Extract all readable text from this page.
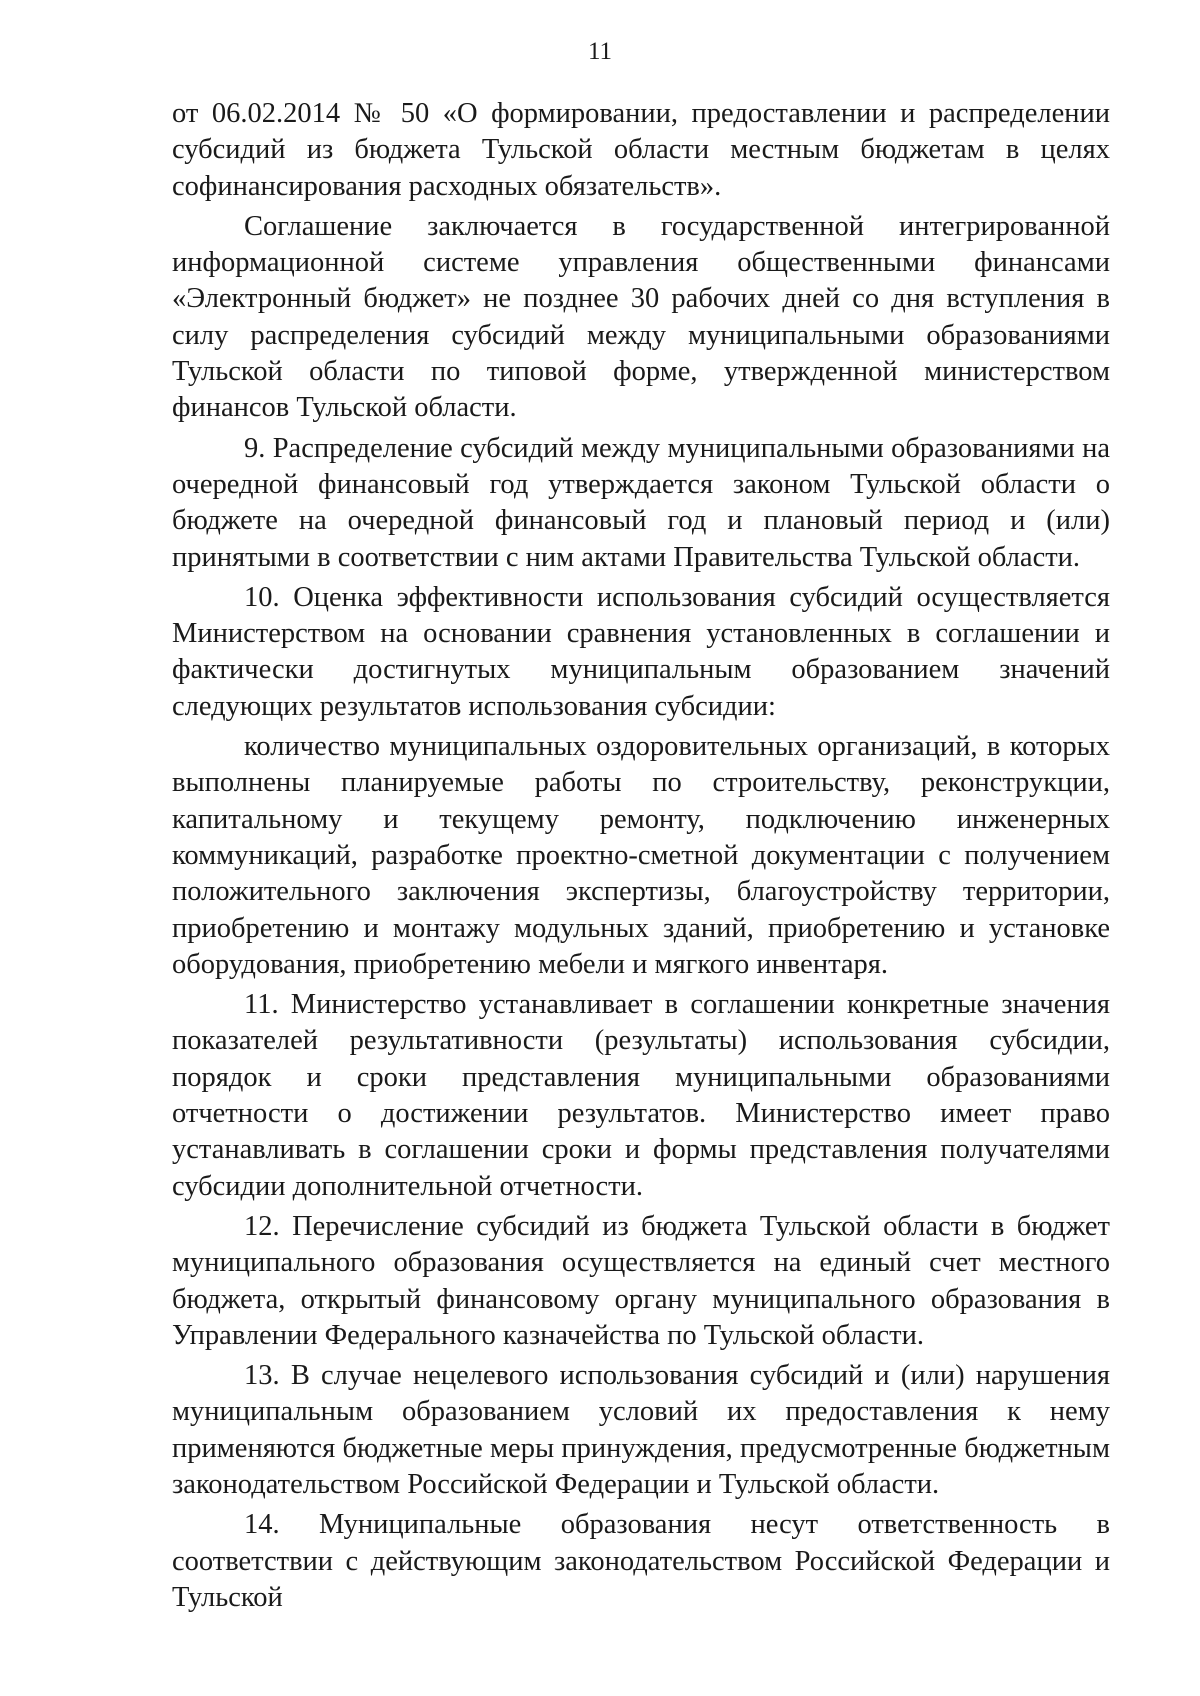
11

от 06.02.2014 № 50 «О формировании, предоставлении и распределении субсидий из бюджета Тульской области местным бюджетам в целях софинансирования расходных обязательств».

Соглашение заключается в государственной интегрированной информационной системе управления общественными финансами «Электронный бюджет» не позднее 30 рабочих дней со дня вступления в силу распределения субсидий между муниципальными образованиями Тульской области по типовой форме, утвержденной министерством финансов Тульской области.

9. Распределение субсидий между муниципальными образованиями на очередной финансовый год утверждается законом Тульской области о бюджете на очередной финансовый год и плановый период и (или) принятыми в соответствии с ним актами Правительства Тульской области.

10. Оценка эффективности использования субсидий осуществляется Министерством на основании сравнения установленных в соглашении и фактически достигнутых муниципальным образованием значений следующих результатов использования субсидии:

количество муниципальных оздоровительных организаций, в которых выполнены планируемые работы по строительству, реконструкции, капитальному и текущему ремонту, подключению инженерных коммуникаций, разработке проектно-сметной документации с получением положительного заключения экспертизы, благоустройству территории, приобретению и монтажу модульных зданий, приобретению и установке оборудования, приобретению мебели и мягкого инвентаря.

11. Министерство устанавливает в соглашении конкретные значения показателей результативности (результаты) использования субсидии, порядок и сроки представления муниципальными образованиями отчетности о достижении результатов. Министерство имеет право устанавливать в соглашении сроки и формы представления получателями субсидии дополнительной отчетности.

12. Перечисление субсидий из бюджета Тульской области в бюджет муниципального образования осуществляется на единый счет местного бюджета, открытый финансовому органу муниципального образования в Управлении Федерального казначейства по Тульской области.

13. В случае нецелевого использования субсидий и (или) нарушения муниципальным образованием условий их предоставления к нему применяются бюджетные меры принуждения, предусмотренные бюджетным законодательством Российской Федерации и Тульской области.

14. Муниципальные образования несут ответственность в соответствии с действующим законодательством Российской Федерации и Тульской
